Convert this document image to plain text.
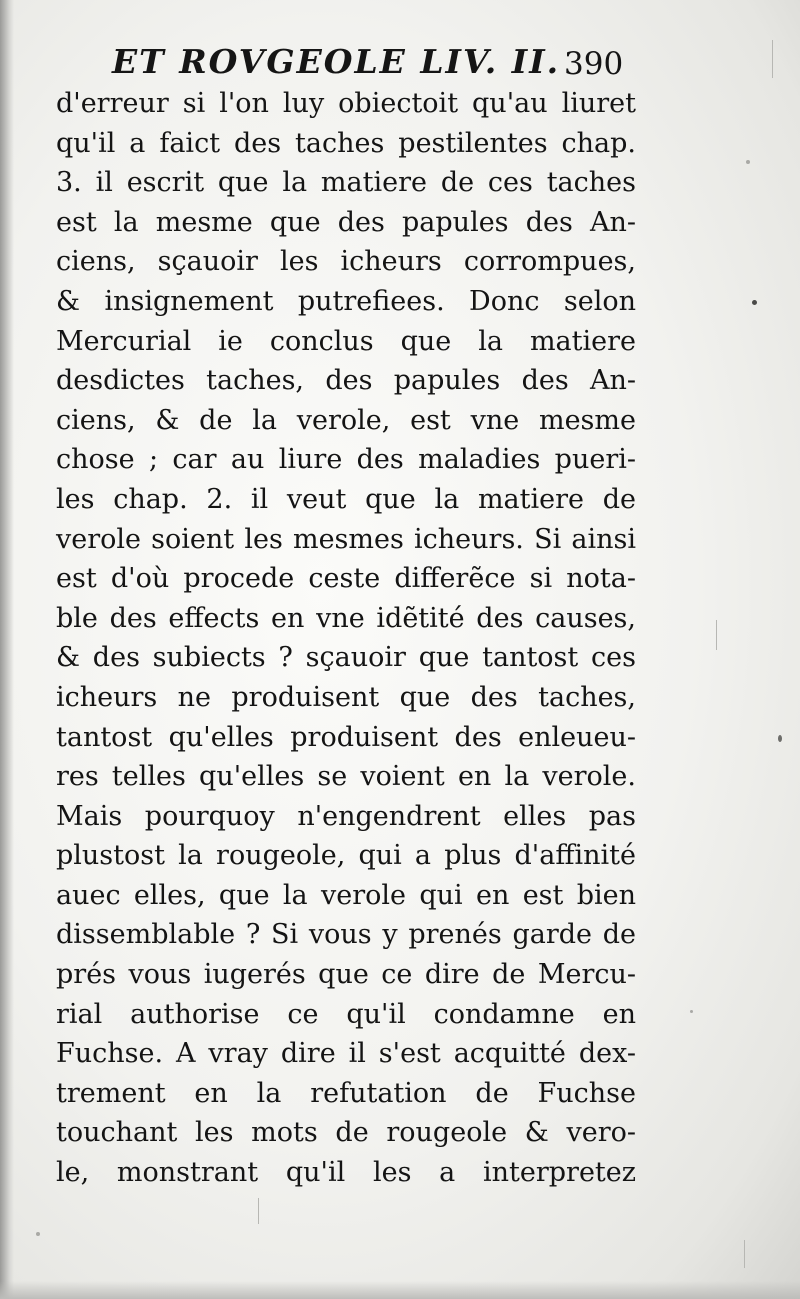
ET ROVGEOLE LIV. II. 390
d'erreur si l'on luy obiectoit qu'au liuret
qu'il a faict des taches pestilentes chap.
3. il escrit que la matiere de ces taches
est la mesme que des papules des An-
ciens, sçauoir les icheurs corrompues,
& insignement putrefiees. Donc selon
Mercurial ie conclus que la matiere
desdictes taches, des papules des An-
ciens, & de la verole, est vne mesme
chose ; car au liure des maladies pueri-
les chap. 2. il veut que la matiere de
verole soient les mesmes icheurs. Si ainsi
est d'où procede ceste differẽce si nota-
ble des effects en vne idẽtité des causes,
& des subiects ? sçauoir que tantost ces
icheurs ne produisent que des taches,
tantost qu'elles produisent des enleueu-
res telles qu'elles se voient en la verole.
Mais pourquoy n'engendrent elles pas
plustost la rougeole, qui a plus d'affinité
auec elles, que la verole qui en est bien
dissemblable ? Si vous y prenés garde de
prés vous iugerés que ce dire de Mercu-
rial authorise ce qu'il condamne en
Fuchse. A vray dire il s'est acquitté dex-
trement en la refutation de Fuchse
touchant les mots de rougeole & vero-
le, monstrant qu'il les a interpretez
